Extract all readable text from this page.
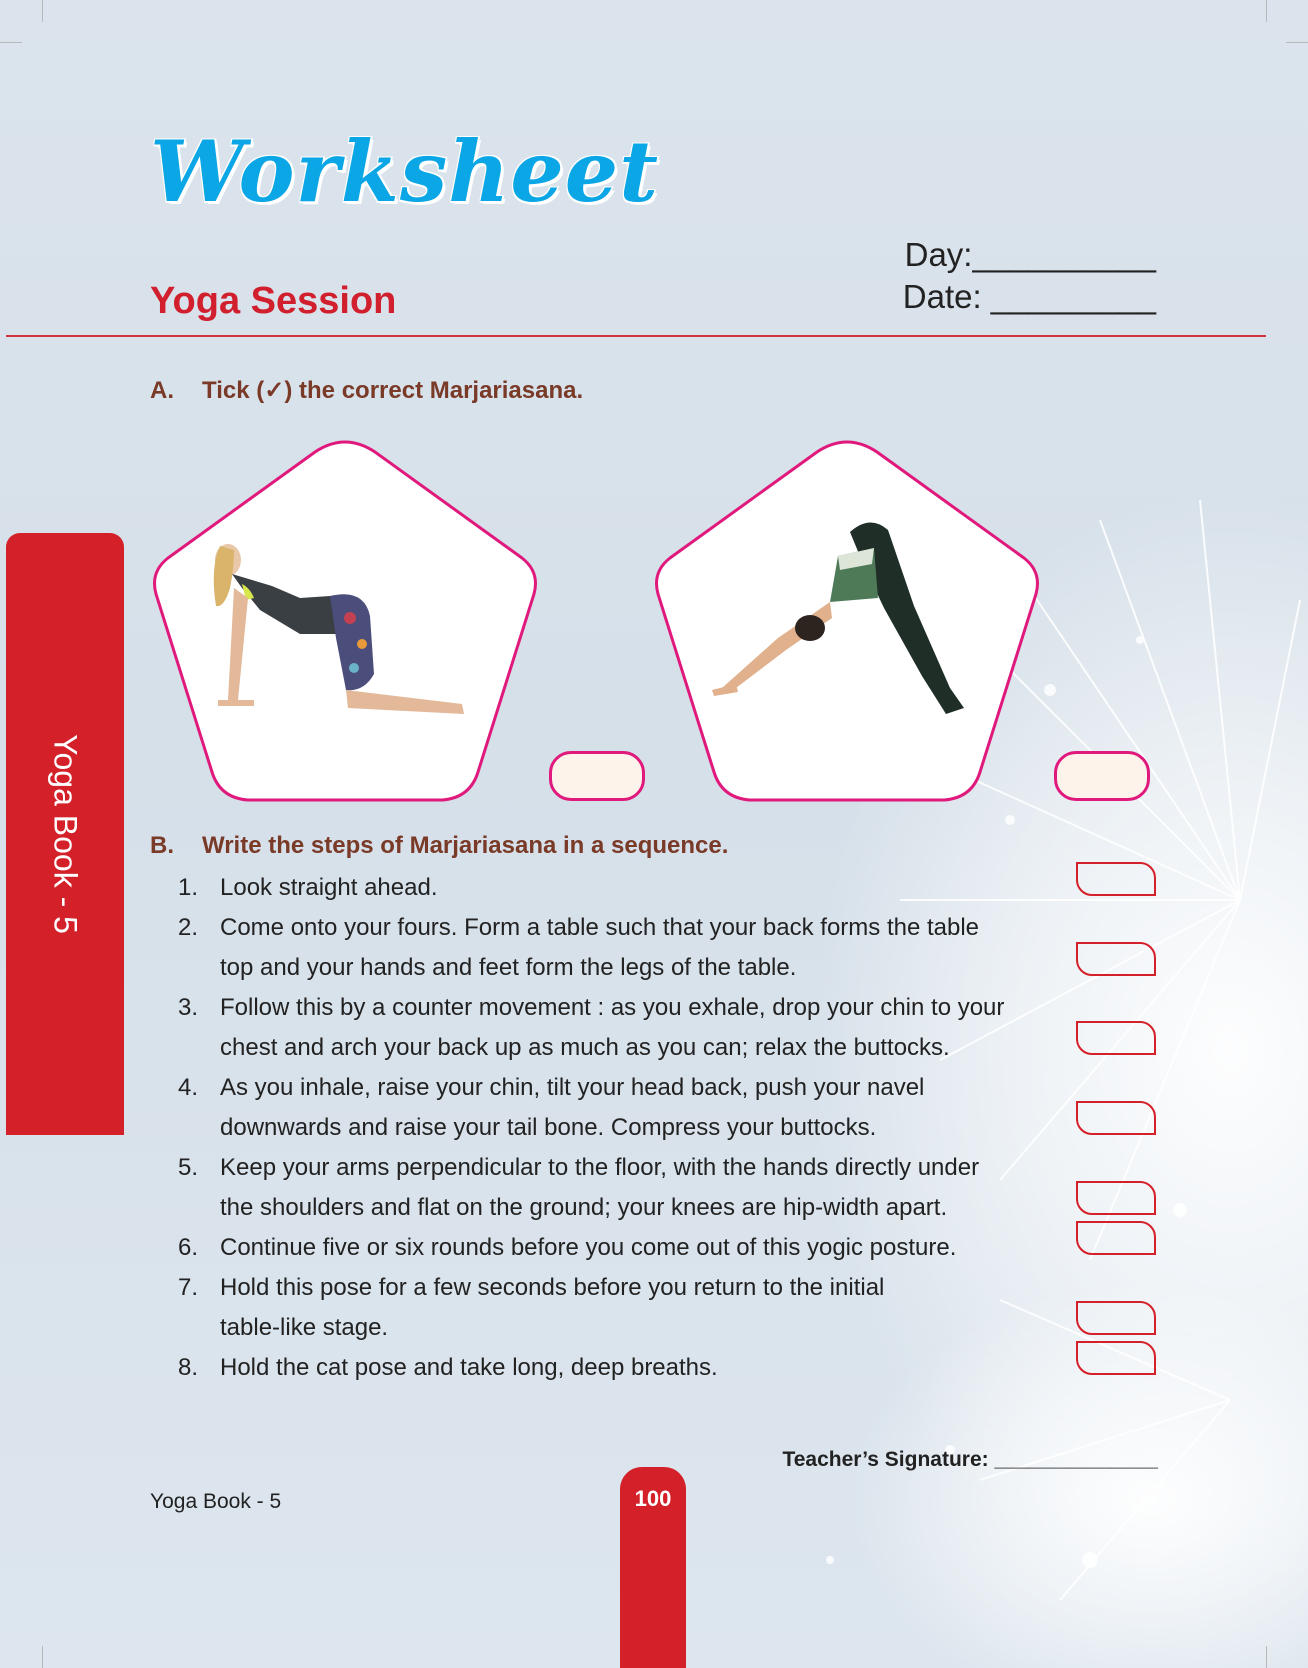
Worksheet
Yoga Session
Day:__________
Date: _________
Yoga Book - 5
A. Tick (✓) the correct Marjariasana.
B. Write the steps of Marjariasana in a sequence.

1. Look straight ahead.

2. Come onto your fours. Form a table such that your back forms the table
top and your hands and feet form the legs of the table.

3. Follow this by a counter movement : as you exhale, drop your chin to your
chest and arch your back up as much as you can; relax the buttocks.

4. As you inhale, raise your chin, tilt your head back, push your navel
downwards and raise your tail bone. Compress your buttocks.

5. Keep your arms perpendicular to the floor, with the hands directly under
the shoulders and flat on the ground; your knees are hip-width apart.

6. Continue five or six rounds before you come out of this yogic posture.

7. Hold this pose for a few seconds before you return to the initial
table-like stage.

8. Hold the cat pose and take long, deep breaths.

Teacher’s Signature: ______________
Yoga Book - 5	100
